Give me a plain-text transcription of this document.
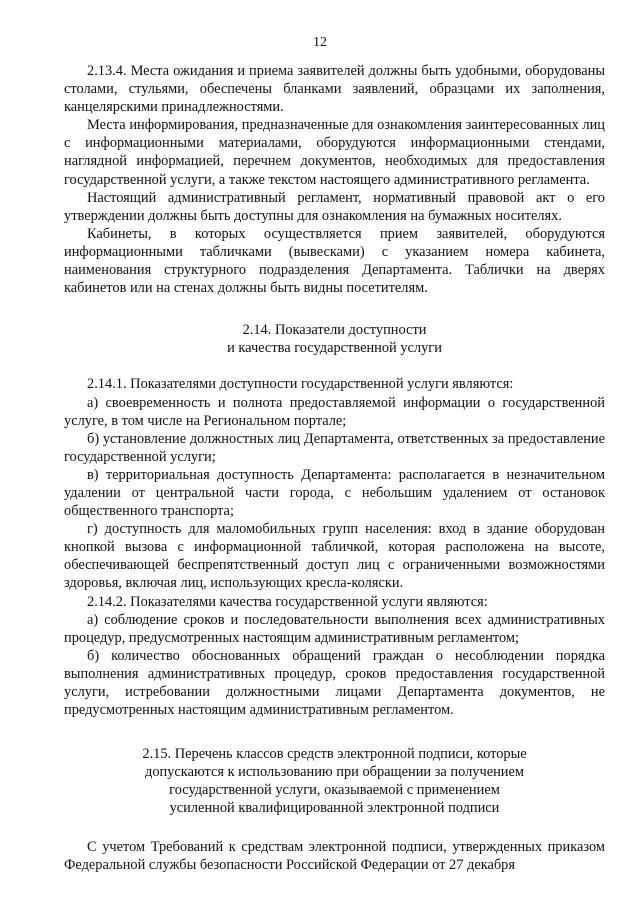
12

2.13.4. Места ожидания и приема заявителей должны быть удобными, оборудованы столами, стульями, обеспечены бланками заявлений, образцами их заполнения, канцелярскими принадлежностями.

Места информирования, предназначенные для ознакомления заинтересованных лиц с информационными материалами, оборудуются информационными стендами, наглядной информацией, перечнем документов, необходимых для предоставления государственной услуги, а также текстом настоящего административного регламента.

Настоящий административный регламент, нормативный правовой акт о его утверждении должны быть доступны для ознакомления на бумажных носителях.

Кабинеты, в которых осуществляется прием заявителей, оборудуются информационными табличками (вывесками) с указанием номера кабинета, наименования структурного подразделения Департамента. Таблички на дверях кабинетов или на стенах должны быть видны посетителям.

2.14. Показатели доступности
и качества государственной услуги

2.14.1. Показателями доступности государственной услуги являются:

а) своевременность и полнота предоставляемой информации о государственной услуге, в том числе на Региональном портале;

б) установление должностных лиц Департамента, ответственных за предоставление государственной услуги;

в) территориальная доступность Департамента: располагается в незначительном удалении от центральной части города, с небольшим удалением от остановок общественного транспорта;

г) доступность для маломобильных групп населения: вход в здание оборудован кнопкой вызова с информационной табличкой, которая расположена на высоте, обеспечивающей беспрепятственный доступ лиц с ограниченными возможностями здоровья, включая лиц, использующих кресла-коляски.

2.14.2. Показателями качества государственной услуги являются:

а) соблюдение сроков и последовательности выполнения всех административных процедур, предусмотренных настоящим административным регламентом;

б) количество обоснованных обращений граждан о несоблюдении порядка выполнения административных процедур, сроков предоставления государственной услуги, истребовании должностными лицами Департамента документов, не предусмотренных настоящим административным регламентом.

2.15. Перечень классов средств электронной подписи, которые
допускаются к использованию при обращении за получением
государственной услуги, оказываемой с применением
усиленной квалифицированной электронной подписи

С учетом Требований к средствам электронной подписи, утвержденных приказом Федеральной службы безопасности Российской Федерации от 27 декабря
